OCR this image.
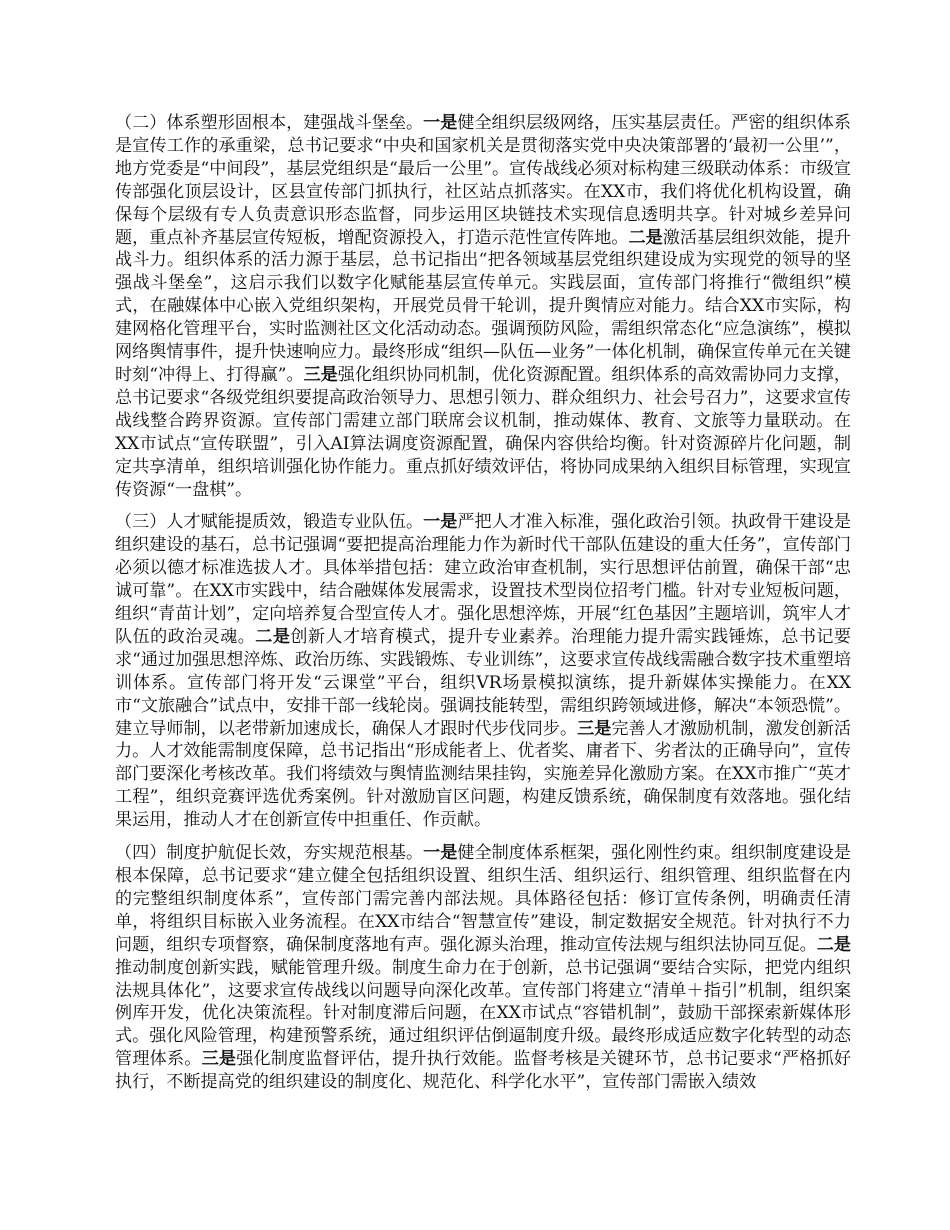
（二）体系塑形固根本，建强战斗堡垒。一是健全组织层级网络，压实基层责任。严密的组织体系是宣传工作的承重梁，总书记要求“中央和国家机关是贯彻落实党中央决策部署的‘最初一公里’”，地方党委是“中间段”，基层党组织是“最后一公里”。宣传战线必须对标构建三级联动体系：市级宣传部强化顶层设计，区县宣传部门抓执行，社区站点抓落实。在XX市，我们将优化机构设置，确保每个层级有专人负责意识形态监督，同步运用区块链技术实现信息透明共享。针对城乡差异问题，重点补齐基层宣传短板，增配资源投入，打造示范性宣传阵地。二是激活基层组织效能，提升战斗力。组织体系的活力源于基层，总书记指出“把各领域基层党组织建设成为实现党的领导的坚强战斗堡垒”，这启示我们以数字化赋能基层宣传单元。实践层面，宣传部门将推行“微组织”模式，在融媒体中心嵌入党组织架构，开展党员骨干轮训，提升舆情应对能力。结合XX市实际，构建网格化管理平台，实时监测社区文化活动动态。强调预防风险，需组织常态化“应急演练”，模拟网络舆情事件，提升快速响应力。最终形成“组织—队伍—业务”一体化机制，确保宣传单元在关键时刻“冲得上、打得赢”。三是强化组织协同机制，优化资源配置。组织体系的高效需协同力支撑，总书记要求“各级党组织要提高政治领导力、思想引领力、群众组织力、社会号召力”，这要求宣传战线整合跨界资源。宣传部门需建立部门联席会议机制，推动媒体、教育、文旅等力量联动。在XX市试点“宣传联盟”，引入AI算法调度资源配置，确保内容供给均衡。针对资源碎片化问题，制定共享清单，组织培训强化协作能力。重点抓好绩效评估，将协同成果纳入组织目标管理，实现宣传资源“一盘棋”。

（三）人才赋能提质效，锻造专业队伍。一是严把人才准入标准，强化政治引领。执政骨干建设是组织建设的基石，总书记强调“要把提高治理能力作为新时代干部队伍建设的重大任务”，宣传部门必须以德才标准选拔人才。具体举措包括：建立政治审查机制，实行思想评估前置，确保干部“忠诚可靠”。在XX市实践中，结合融媒体发展需求，设置技术型岗位招考门槛。针对专业短板问题，组织“青苗计划”，定向培养复合型宣传人才。强化思想淬炼，开展“红色基因”主题培训，筑牢人才队伍的政治灵魂。二是创新人才培育模式，提升专业素养。治理能力提升需实践锤炼，总书记要求“通过加强思想淬炼、政治历练、实践锻炼、专业训练”，这要求宣传战线需融合数字技术重塑培训体系。宣传部门将开发“云课堂”平台，组织VR场景模拟演练，提升新媒体实操能力。在XX市“文旅融合”试点中，安排干部一线轮岗。强调技能转型，需组织跨领域进修，解决“本领恐慌”。建立导师制，以老带新加速成长，确保人才跟时代步伐同步。三是完善人才激励机制，激发创新活力。人才效能需制度保障，总书记指出“形成能者上、优者奖、庸者下、劣者汰的正确导向”，宣传部门要深化考核改革。我们将绩效与舆情监测结果挂钩，实施差异化激励方案。在XX市推广“英才工程”，组织竞赛评选优秀案例。针对激励盲区问题，构建反馈系统，确保制度有效落地。强化结果运用，推动人才在创新宣传中担重任、作贡献。

（四）制度护航促长效，夯实规范根基。一是健全制度体系框架，强化刚性约束。组织制度建设是根本保障，总书记要求“建立健全包括组织设置、组织生活、组织运行、组织管理、组织监督在内的完整组织制度体系”，宣传部门需完善内部法规。具体路径包括：修订宣传条例，明确责任清单，将组织目标嵌入业务流程。在XX市结合“智慧宣传”建设，制定数据安全规范。针对执行不力问题，组织专项督察，确保制度落地有声。强化源头治理，推动宣传法规与组织法协同互促。二是推动制度创新实践，赋能管理升级。制度生命力在于创新，总书记强调“要结合实际，把党内组织法规具体化”，这要求宣传战线以问题导向深化改革。宣传部门将建立“清单＋指引”机制，组织案例库开发，优化决策流程。针对制度滞后问题，在XX市试点“容错机制”，鼓励干部探索新媒体形式。强化风险管理，构建预警系统，通过组织评估倒逼制度升级。最终形成适应数字化转型的动态管理体系。三是强化制度监督评估，提升执行效能。监督考核是关键环节，总书记要求“严格抓好执行，不断提高党的组织建设的制度化、规范化、科学化水平”，宣传部门需嵌入绩效
